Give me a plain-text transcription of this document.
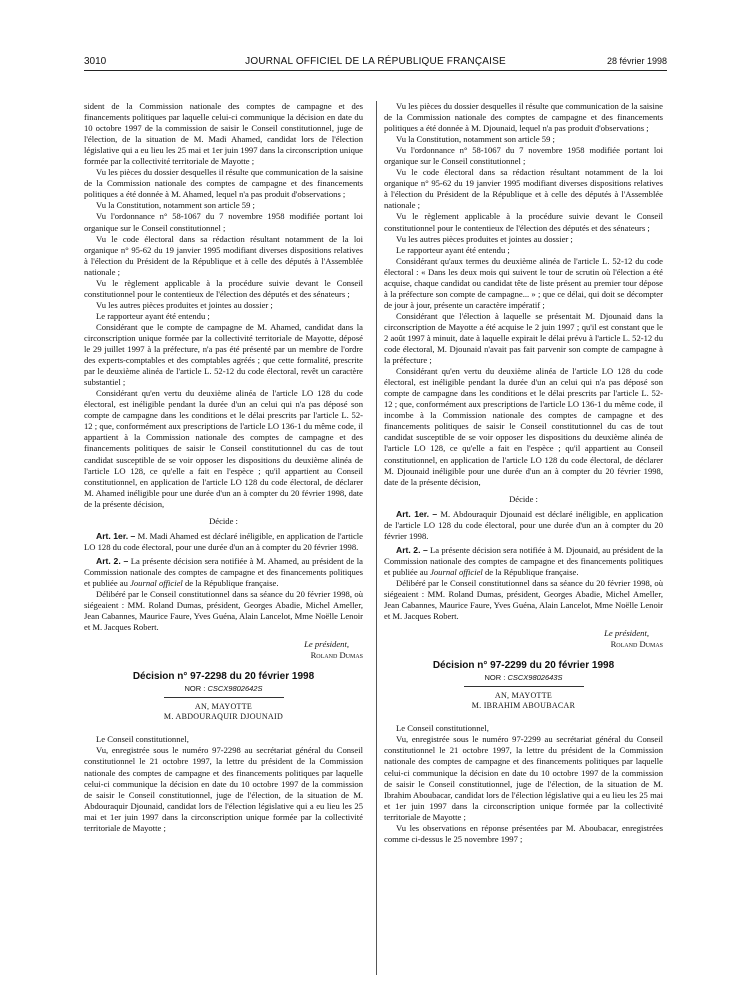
3010	JOURNAL OFFICIEL DE LA RÉPUBLIQUE FRANÇAISE	28 février 1998

sident de la Commission nationale des comptes de campagne et des financements politiques par laquelle celui-ci communique la décision en date du 10 octobre 1997 de la commission de saisir le Conseil constitutionnel, juge de l'élection, de la situation de M. Madi Ahamed, candidat lors de l'élection législative qui a eu lieu les 25 mai et 1er juin 1997 dans la circonscription unique formée par la collectivité territoriale de Mayotte ;

Vu les pièces du dossier desquelles il résulte que communication de la saisine de la Commission nationale des comptes de campagne et des financements politiques a été donnée à M. Ahamed, lequel n'a pas produit d'observations ;

Vu la Constitution, notamment son article 59 ;

Vu l'ordonnance n° 58-1067 du 7 novembre 1958 modifiée portant loi organique sur le Conseil constitutionnel ;

Vu le code électoral dans sa rédaction résultant notamment de la loi organique n° 95-62 du 19 janvier 1995 modifiant diverses dispositions relatives à l'élection du Président de la République et à celle des députés à l'Assemblée nationale ;

Vu le règlement applicable à la procédure suivie devant le Conseil constitutionnel pour le contentieux de l'élection des députés et des sénateurs ;

Vu les autres pièces produites et jointes au dossier ;

Le rapporteur ayant été entendu ;

Considérant que le compte de campagne de M. Ahamed, candidat dans la circonscription unique formée par la collectivité territoriale de Mayotte, déposé le 29 juillet 1997 à la préfecture, n'a pas été présenté par un membre de l'ordre des experts-comptables et des comptables agréés ; que cette formalité, prescrite par le deuxième alinéa de l'article L. 52-12 du code électoral, revêt un caractère substantiel ;

Considérant qu'en vertu du deuxième alinéa de l'article LO 128 du code électoral, est inéligible pendant la durée d'un an celui qui n'a pas déposé son compte de campagne dans les conditions et le délai prescrits par l'article L. 52-12 ; que, conformément aux prescriptions de l'article LO 136-1 du même code, il appartient à la Commission nationale des comptes de campagne et des financements politiques de saisir le Conseil constitutionnel du cas de tout candidat susceptible de se voir opposer les dispositions du deuxième alinéa de l'article LO 128, ce qu'elle a fait en l'espèce ; qu'il appartient au Conseil constitutionnel, en application de l'article LO 128 du code électoral, de déclarer M. Ahamed inéligible pour une durée d'un an à compter du 20 février 1998, date de la présente décision,

Décide :

Art. 1er. – M. Madi Ahamed est déclaré inéligible, en application de l'article LO 128 du code électoral, pour une durée d'un an à compter du 20 février 1998.

Art. 2. – La présente décision sera notifiée à M. Ahamed, au président de la Commission nationale des comptes de campagne et des financements politiques et publiée au Journal officiel de la République française.

Délibéré par le Conseil constitutionnel dans sa séance du 20 février 1998, où siégeaient : MM. Roland Dumas, président, Georges Abadie, Michel Ameller, Jean Cabannes, Maurice Faure, Yves Guéna, Alain Lancelot, Mme Noëlle Lenoir et M. Jacques Robert.

Le président,
Roland Dumas
Décision n° 97-2298 du 20 février 1998
NOR : CSCX9802642S
AN, MAYOTTE
M. ABDOURAQUIR DJOUNAID

Le Conseil constitutionnel,

Vu, enregistrée sous le numéro 97-2298 au secrétariat général du Conseil constitutionnel le 21 octobre 1997, la lettre du président de la Commission nationale des comptes de campagne et des financements politiques par laquelle celui-ci communique la décision en date du 10 octobre 1997 de la commission de saisir le Conseil constitutionnel, juge de l'élection, de la situation de M. Abdouraquir Djounaid, candidat lors de l'élection législative qui a eu lieu les 25 mai et 1er juin 1997 dans la circonscription unique formée par la collectivité territoriale de Mayotte ;

Vu les pièces du dossier desquelles il résulte que communication de la saisine de la Commission nationale des comptes de campagne et des financements politiques a été donnée à M. Djounaid, lequel n'a pas produit d'observations ;

Vu la Constitution, notamment son article 59 ;

Vu l'ordonnance n° 58-1067 du 7 novembre 1958 modifiée portant loi organique sur le Conseil constitutionnel ;

Vu le code électoral dans sa rédaction résultant notamment de la loi organique n° 95-62 du 19 janvier 1995 modifiant diverses dispositions relatives à l'élection du Président de la République et à celle des députés à l'Assemblée nationale ;

Vu le règlement applicable à la procédure suivie devant le Conseil constitutionnel pour le contentieux de l'élection des députés et des sénateurs ;

Vu les autres pièces produites et jointes au dossier ;

Le rapporteur ayant été entendu ;

Considérant qu'aux termes du deuxième alinéa de l'article L. 52-12 du code électoral : « Dans les deux mois qui suivent le tour de scrutin où l'élection a été acquise, chaque candidat ou candidat tête de liste présent au premier tour dépose à la préfecture son compte de campagne... » ; que ce délai, qui doit se décompter de jour à jour, présente un caractère impératif ;

Considérant que l'élection à laquelle se présentait M. Djounaid dans la circonscription de Mayotte a été acquise le 2 juin 1997 ; qu'il est constant que le 2 août 1997 à minuit, date à laquelle expirait le délai prévu à l'article L. 52-12 du code électoral, M. Djounaid n'avait pas fait parvenir son compte de campagne à la préfecture ;

Considérant qu'en vertu du deuxième alinéa de l'article LO 128 du code électoral, est inéligible pendant la durée d'un an celui qui n'a pas déposé son compte de campagne dans les conditions et le délai prescrits par l'article L. 52-12 ; que, conformément aux prescriptions de l'article LO 136-1 du même code, il incombe à la Commission nationale des comptes de campagne et des financements politiques de saisir le Conseil constitutionnel du cas de tout candidat susceptible de se voir opposer les dispositions du deuxième alinéa de l'article LO 128, ce qu'elle a fait en l'espèce ; qu'il appartient au Conseil constitutionnel, en application de l'article LO 128 du code électoral, de déclarer M. Djounaid inéligible pour une durée d'un an à compter du 20 février 1998, date de la présente décision,

Décide :

Art. 1er. – M. Abdouraquir Djounaid est déclaré inéligible, en application de l'article LO 128 du code électoral, pour une durée d'un an à compter du 20 février 1998.

Art. 2. – La présente décision sera notifiée à M. Djounaid, au président de la Commission nationale des comptes de campagne et des financements politiques et publiée au Journal officiel de la République française.

Délibéré par le Conseil constitutionnel dans sa séance du 20 février 1998, où siégeaient : MM. Roland Dumas, président, Georges Abadie, Michel Ameller, Jean Cabannes, Maurice Faure, Yves Guéna, Alain Lancelot, Mme Noëlle Lenoir et M. Jacques Robert.

Le président,
Roland Dumas
Décision n° 97-2299 du 20 février 1998
NOR : CSCX9802643S
AN, MAYOTTE
M. IBRAHIM ABOUBACAR

Le Conseil constitutionnel,

Vu, enregistrée sous le numéro 97-2299 au secrétariat général du Conseil constitutionnel le 21 octobre 1997, la lettre du président de la Commission nationale des comptes de campagne et des financements politiques par laquelle celui-ci communique la décision en date du 10 octobre 1997 de la commission de saisir le Conseil constitutionnel, juge de l'élection, de la situation de M. Ibrahim Aboubacar, candidat lors de l'élection législative qui a eu lieu les 25 mai et 1er juin 1997 dans la circonscription unique formée par la collectivité territoriale de Mayotte ;

Vu les observations en réponse présentées par M. Aboubacar, enregistrées comme ci-dessus le 25 novembre 1997 ;
